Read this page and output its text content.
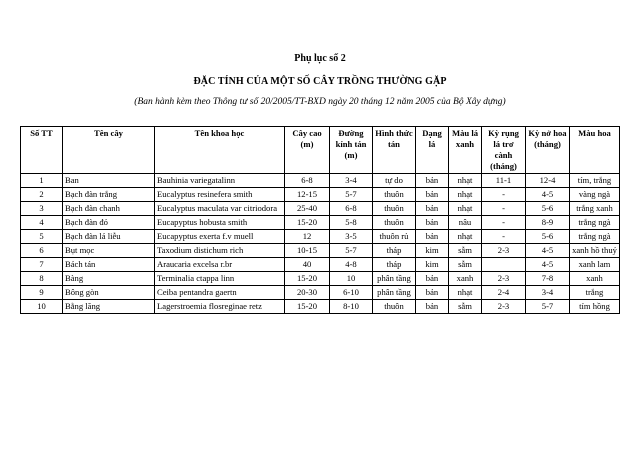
Phụ lục số 2
ĐẶC TÍNH CỦA MỘT SỐ CÂY TRỒNG THƯỜNG GẶP
(Ban hành kèm theo Thông tư số 20/2005/TT-BXD ngày 20 tháng 12 năm 2005 của Bộ Xây dựng)
Số TT	Tên cây	Tên khoa học	Cây cao (m)	Đường kính tán (m)	Hình thức tán	Dạng lá	Màu lá xanh	Kỳ rụng lá trơ cành (tháng)	Kỳ nở hoa (tháng)	Màu hoa
1	Ban	Bauhinia variegatalinn	6-8	3-4	tự do	bản	nhạt	11-1	12-4	tím, trắng
2	Bạch đàn trắng	Eucalyptus resinefera smith	12-15	5-7	thuôn	bản	nhạt	-	4-5	vàng ngà
3	Bạch đàn chanh	Eucalyptus maculata var citriodora	25-40	6-8	thuôn	bản	nhạt	-	5-6	trắng xanh
4	Bạch đàn đỏ	Eucapyptus hobusta smith	15-20	5-8	thuôn	bản	nâu	-	8-9	trắng ngà
5	Bạch đàn lá liễu	Eucapyptus exerta f.v muell	12	3-5	thuôn rủ	bản	nhạt	-	5-6	trắng ngà
6	Bụt mọc	Taxodium distichum rich	10-15	5-7	tháp	kim	sẫm	2-3	4-5	xanh hồ thuỷ
7	Bách tán	Araucaria excelsa r.br	40	4-8	tháp	kim	sẫm		4-5	xanh lam
8	Bàng	Terminalia ctappa linn	15-20	10	phân tầng	bản	xanh	2-3	7-8	xanh
9	Bông gòn	Ceiba pentandra gaertn	20-30	6-10	phân tầng	bản	nhạt	2-4	3-4	trắng
10	Bằng lăng	Lagerstroemia flosreginae retz	15-20	8-10	thuôn	bản	sẫm	2-3	5-7	tím hồng
